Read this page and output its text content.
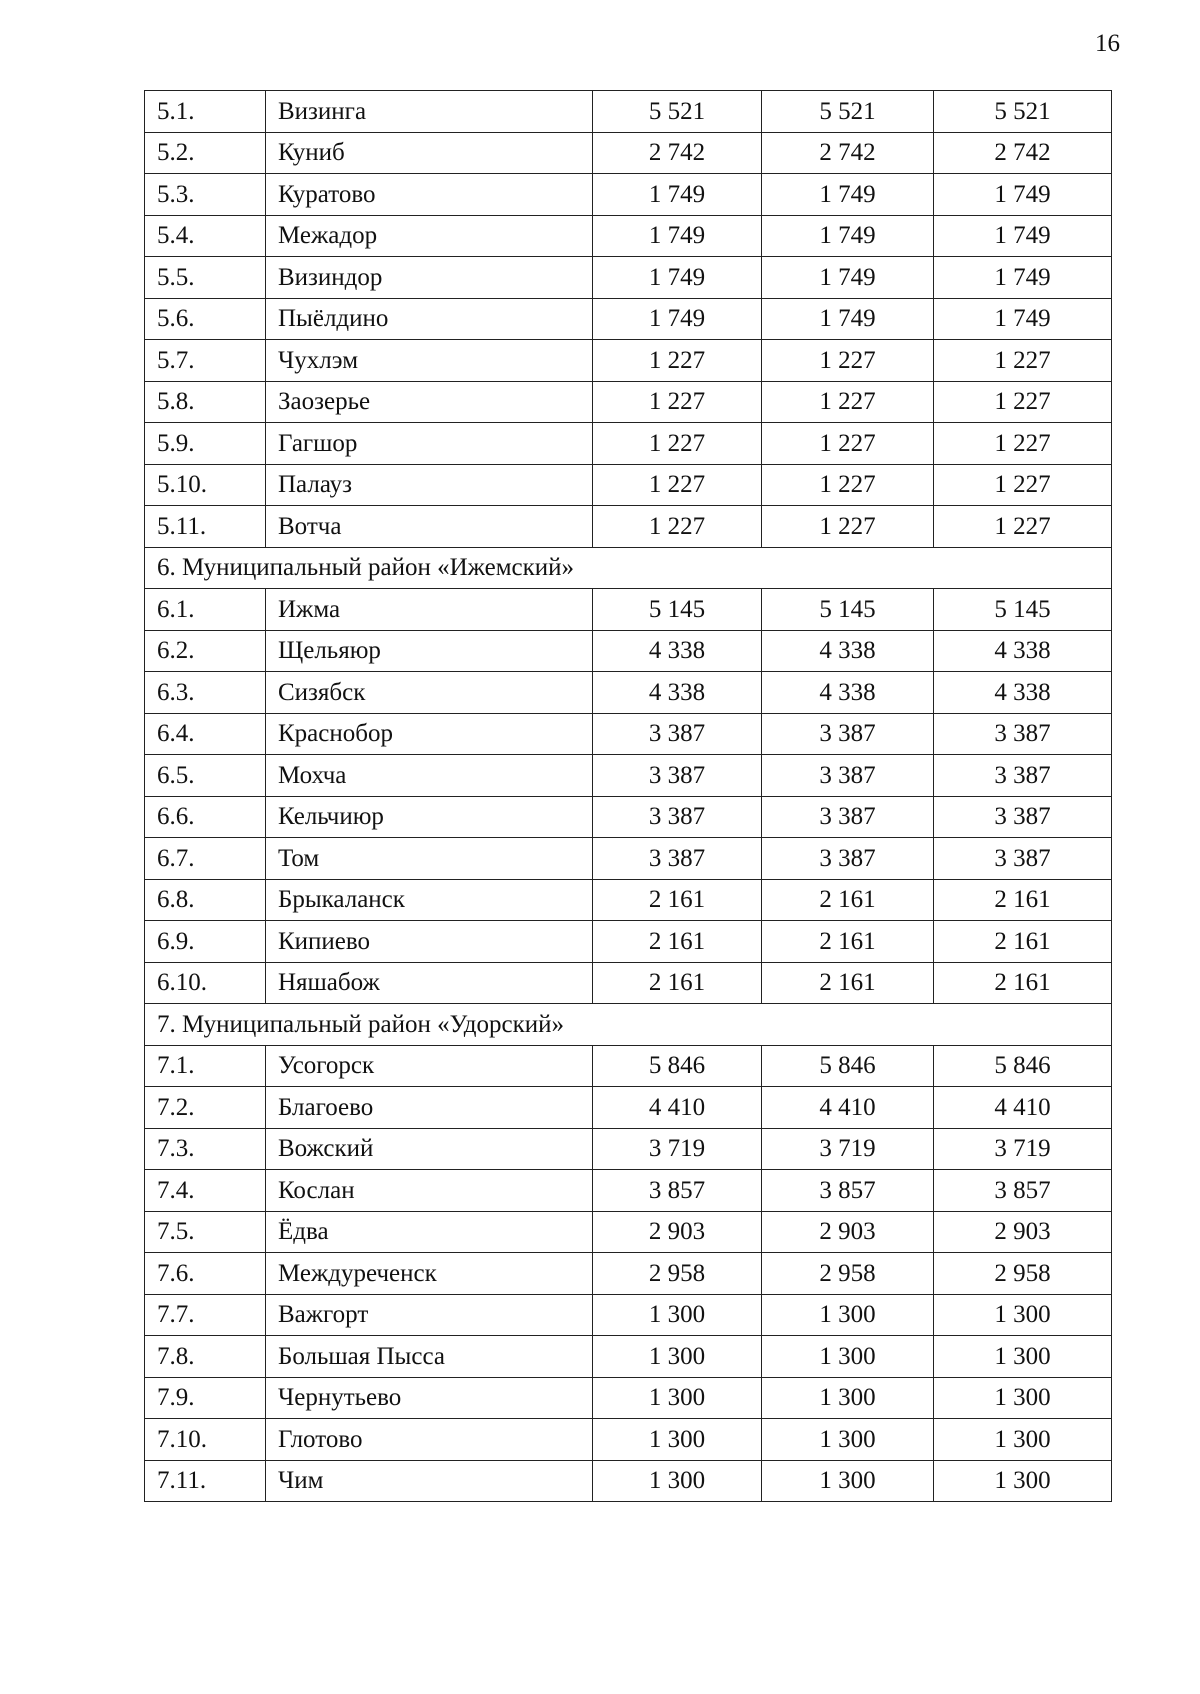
16
5.1.	Визинга	5 521	5 521	5 521
5.2.	Куниб	2 742	2 742	2 742
5.3.	Куратово	1 749	1 749	1 749
5.4.	Межадор	1 749	1 749	1 749
5.5.	Визиндор	1 749	1 749	1 749
5.6.	Пыёлдино	1 749	1 749	1 749
5.7.	Чухлэм	1 227	1 227	1 227
5.8.	Заозерье	1 227	1 227	1 227
5.9.	Гагшор	1 227	1 227	1 227
5.10.	Палауз	1 227	1 227	1 227
5.11.	Вотча	1 227	1 227	1 227
6. Муниципальный район «Ижемский»				
6.1.	Ижма	5 145	5 145	5 145
6.2.	Щельяюр	4 338	4 338	4 338
6.3.	Сизябск	4 338	4 338	4 338
6.4.	Краснобор	3 387	3 387	3 387
6.5.	Мохча	3 387	3 387	3 387
6.6.	Кельчиюр	3 387	3 387	3 387
6.7.	Том	3 387	3 387	3 387
6.8.	Брыкаланск	2 161	2 161	2 161
6.9.	Кипиево	2 161	2 161	2 161
6.10.	Няшабож	2 161	2 161	2 161
7. Муниципальный район «Удорский»				
7.1.	Усогорск	5 846	5 846	5 846
7.2.	Благоево	4 410	4 410	4 410
7.3.	Вожский	3 719	3 719	3 719
7.4.	Кослан	3 857	3 857	3 857
7.5.	Ёдва	2 903	2 903	2 903
7.6.	Междуреченск	2 958	2 958	2 958
7.7.	Важгорт	1 300	1 300	1 300
7.8.	Большая Пысса	1 300	1 300	1 300
7.9.	Чернутьево	1 300	1 300	1 300
7.10.	Глотово	1 300	1 300	1 300
7.11.	Чим	1 300	1 300	1 300
